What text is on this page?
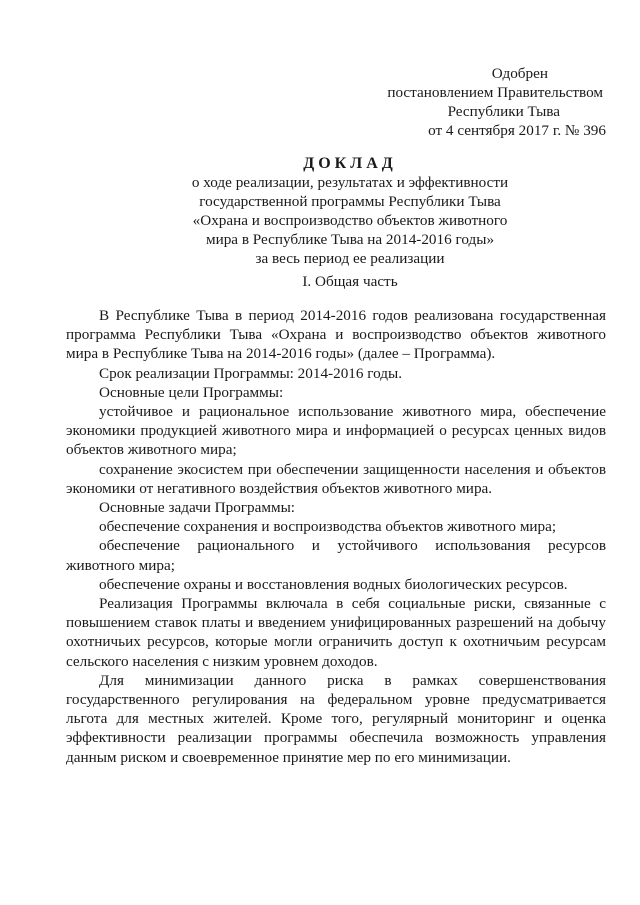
Одобрен
постановлением Правительством
Республики Тыва
от 4 сентября 2017 г. № 396
ДОКЛАД
о ходе реализации, результатах и эффективности
государственной программы Республики Тыва
«Охрана и воспроизводство объектов животного
мира в Республике Тыва на 2014-2016 годы»
за весь период ее реализации
I. Общая часть

В Республике Тыва в период 2014-2016 годов реализована государственная программа Республики Тыва «Охрана и воспроизводство объектов животного мира в Республике Тыва на 2014-2016 годы» (далее – Программа).

Срок реализации Программы: 2014-2016 годы.

Основные цели Программы:

устойчивое и рациональное использование животного мира, обеспечение экономики продукцией животного мира и информацией о ресурсах ценных видов объектов животного мира;

сохранение экосистем при обеспечении защищенности населения и объектов экономики от негативного воздействия объектов животного мира.

Основные задачи Программы:

обеспечение сохранения и воспроизводства объектов животного мира;

обеспечение рационального и устойчивого использования ресурсов животного мира;

обеспечение охраны и восстановления водных биологических ресурсов.

Реализация Программы включала в себя социальные риски, связанные с повышением ставок платы и введением унифицированных разрешений на добычу охотничьих ресурсов, которые могли ограничить доступ к охотничьим ресурсам сельского населения с низким уровнем доходов.

Для минимизации данного риска в рамках совершенствования государственного регулирования на федеральном уровне предусматривается льгота для местных жителей. Кроме того, регулярный мониторинг и оценка эффективности реализации программы обеспечила возможность управления данным риском и своевременное принятие мер по его минимизации.
